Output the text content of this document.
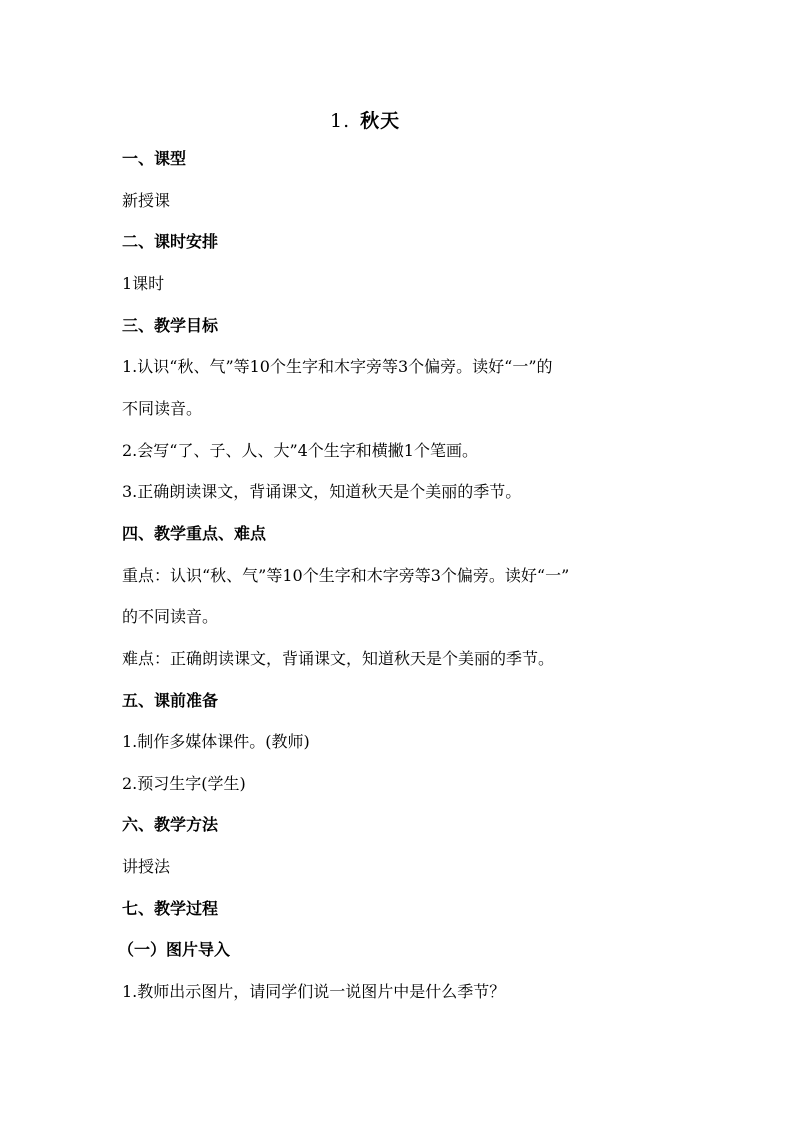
1. 秋天
一、课型
新授课
二、课时安排
1课时
三、教学目标
1.认识“秋、气”等10个生字和木字旁等3个偏旁。读好“一”的
不同读音。
2.会写“了、子、人、大”4个生字和横撇1个笔画。
3.正确朗读课文，背诵课文，知道秋天是个美丽的季节。
四、教学重点、难点
重点：认识“秋、气”等10个生字和木字旁等3个偏旁。读好“一”
的不同读音。
难点：正确朗读课文，背诵课文，知道秋天是个美丽的季节。
五、课前准备
1.制作多媒体课件。(教师)
2.预习生字(学生)
六、教学方法
讲授法
七、教学过程
（一）图片导入
1.教师出示图片，请同学们说一说图片中是什么季节？
